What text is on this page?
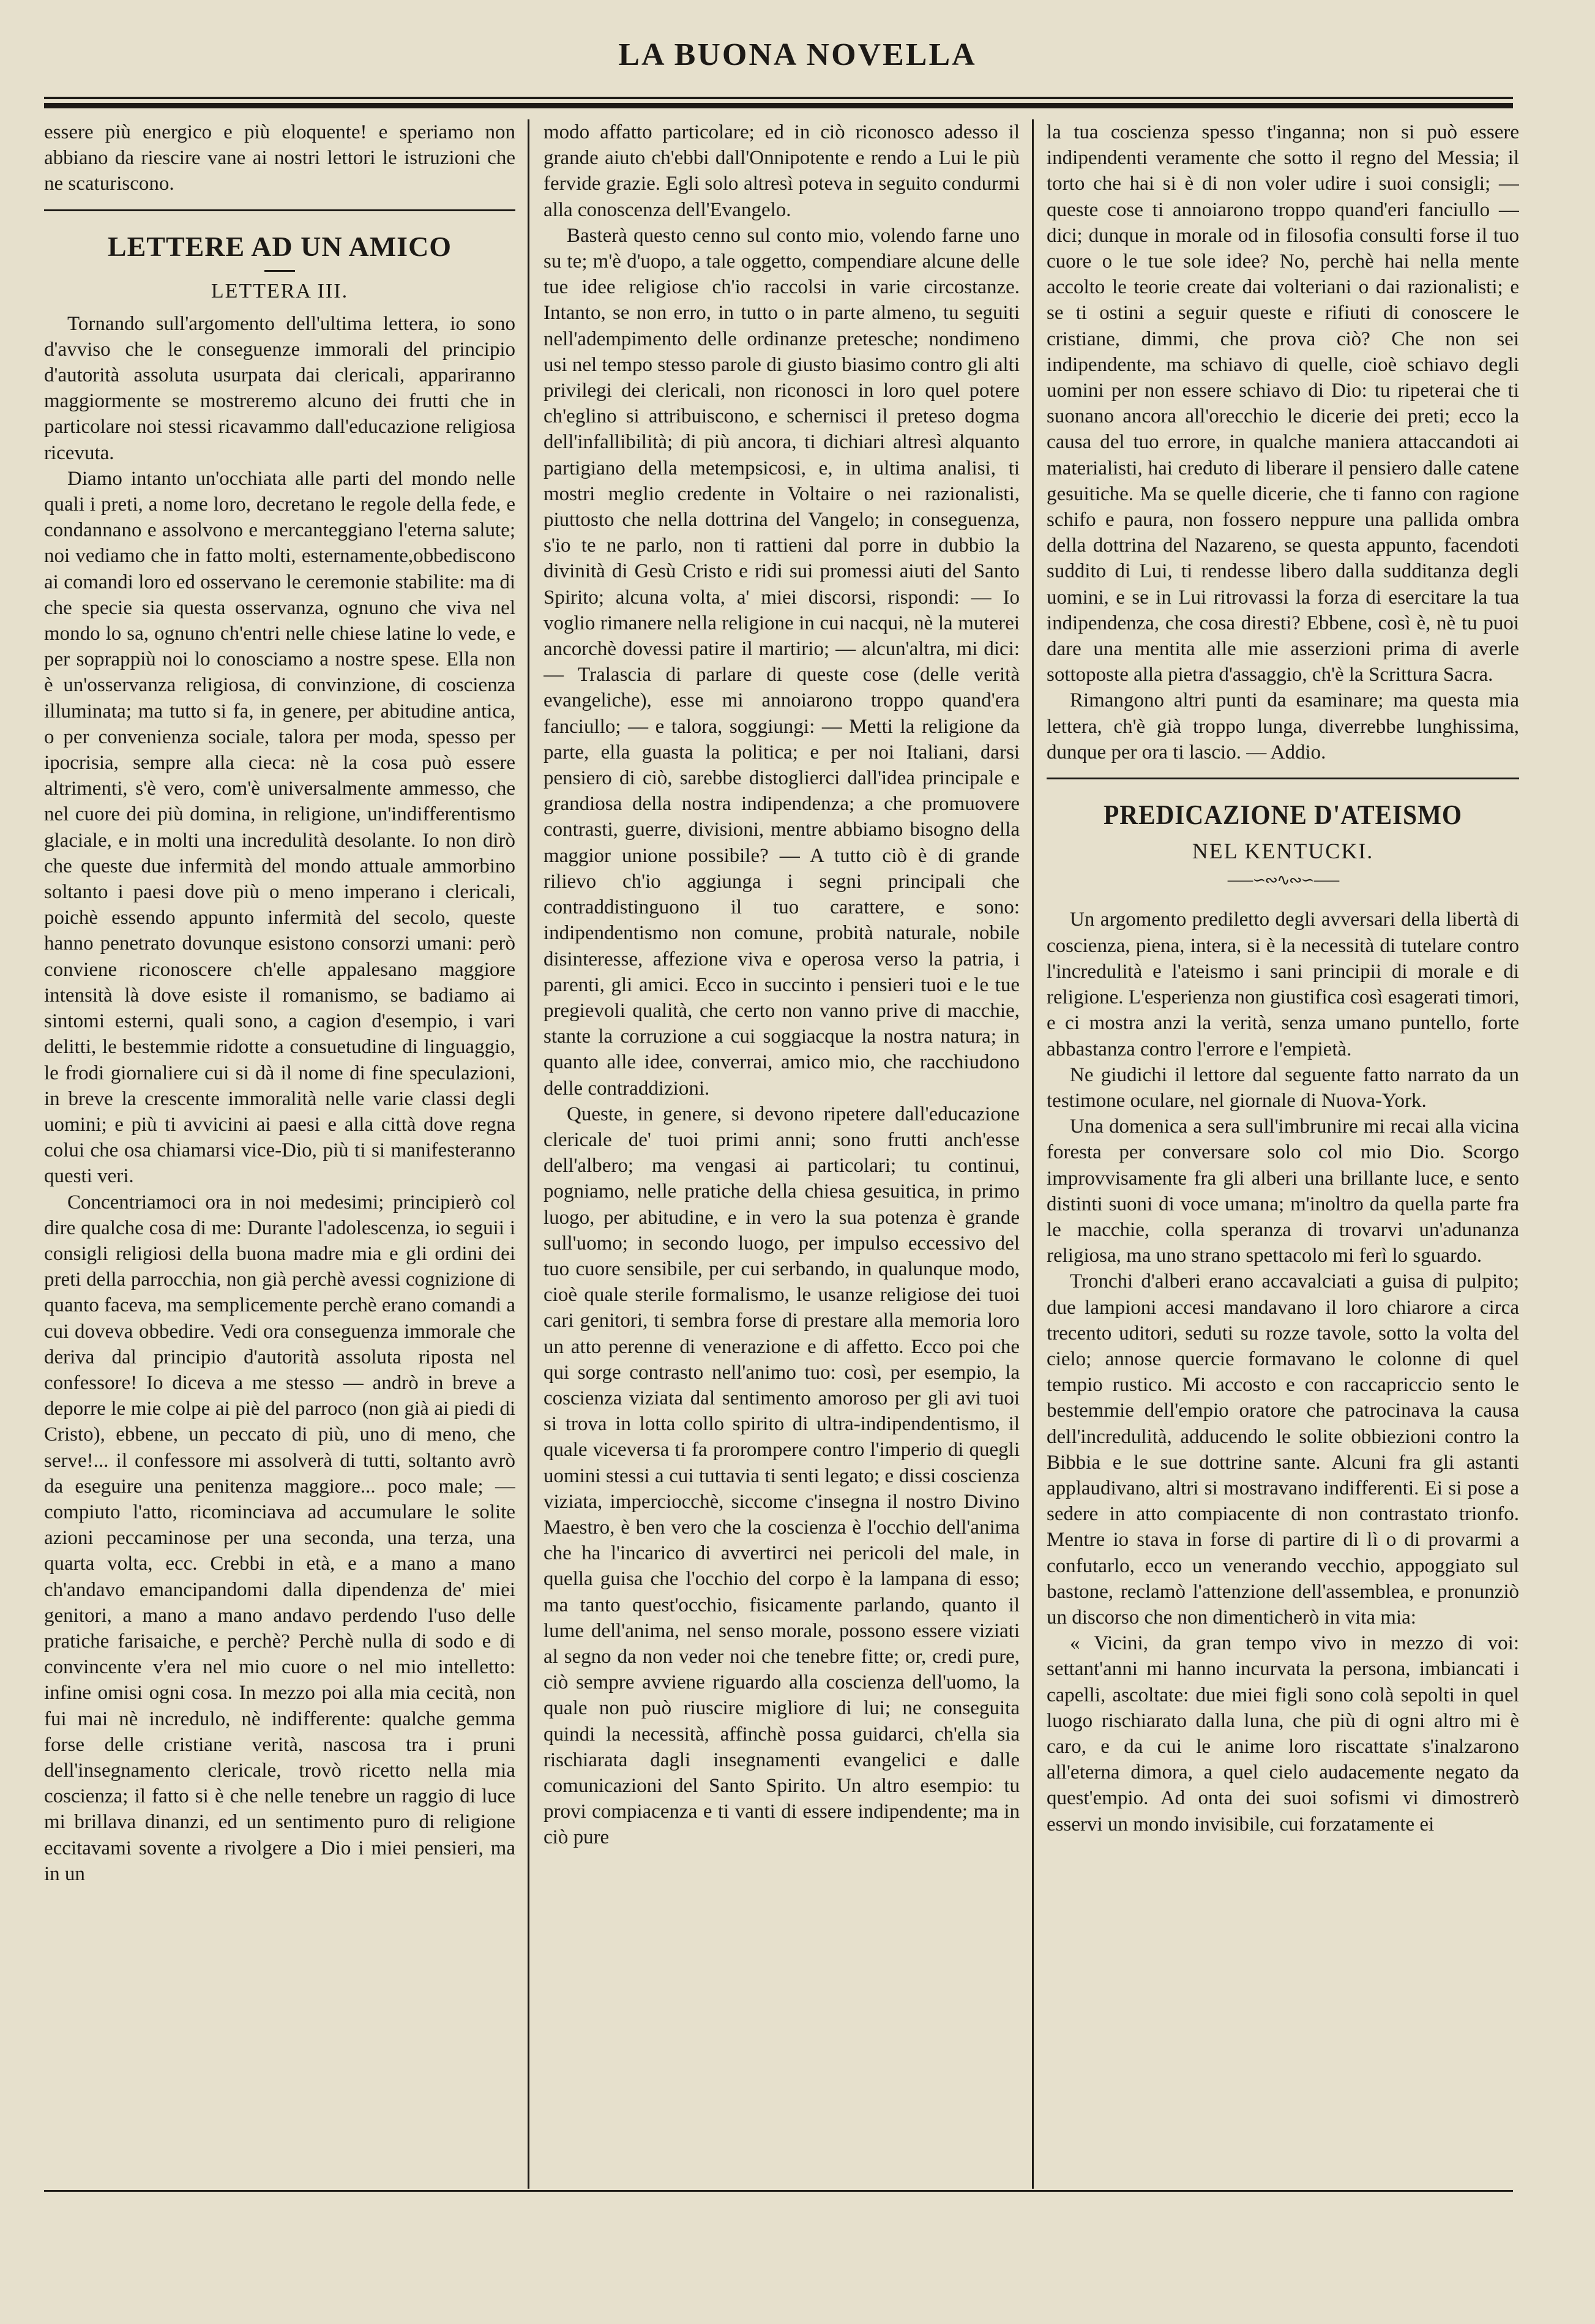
LA BUONA NOVELLA

essere più energico e più eloquente! e speriamo non abbiano da riescire vane ai nostri lettori le istruzioni che ne scaturiscono.

LETTERE AD UN AMICO
LETTERA III.

Tornando sull'argomento dell'ultima lettera, io sono d'avviso che le conseguenze immorali del principio d'autorità assoluta usurpata dai clericali, appariranno maggiormente se mostreremo alcuno dei frutti che in particolare noi stessi ricavammo dall'educazione religiosa ricevuta.

Diamo intanto un'occhiata alle parti del mondo nelle quali i preti, a nome loro, decretano le regole della fede, e condannano e assolvono e mercanteggiano l'eterna salute; noi vediamo che in fatto molti, esternamente,obbediscono ai comandi loro ed osservano le ceremonie stabilite: ma di che specie sia questa osservanza, ognuno che viva nel mondo lo sa, ognuno ch'entri nelle chiese latine lo vede, e per soprappiù noi lo conosciamo a nostre spese. Ella non è un'osservanza religiosa, di convinzione, di coscienza illuminata; ma tutto si fa, in genere, per abitudine antica, o per convenienza sociale, talora per moda, spesso per ipocrisia, sempre alla cieca: nè la cosa può essere altrimenti, s'è vero, com'è universalmente ammesso, che nel cuore dei più domina, in religione, un'indifferentismo glaciale, e in molti una incredulità desolante. Io non dirò che queste due infermità del mondo attuale ammorbino soltanto i paesi dove più o meno imperano i clericali, poichè essendo appunto infermità del secolo, queste hanno penetrato dovunque esistono consorzi umani: però conviene riconoscere ch'elle appalesano maggiore intensità là dove esiste il romanismo, se badiamo ai sintomi esterni, quali sono, a cagion d'esempio, i vari delitti, le bestemmie ridotte a consuetudine di linguaggio, le frodi giornaliere cui si dà il nome di fine speculazioni, in breve la crescente immoralità nelle varie classi degli uomini; e più ti avvicini ai paesi e alla città dove regna colui che osa chiamarsi vice-Dio, più ti si manifesteranno questi veri.

Concentriamoci ora in noi medesimi; principierò col dire qualche cosa di me: Durante l'adolescenza, io seguii i consigli religiosi della buona madre mia e gli ordini dei preti della parrocchia, non già perchè avessi cognizione di quanto faceva, ma semplicemente perchè erano comandi a cui doveva obbedire. Vedi ora conseguenza immorale che deriva dal principio d'autorità assoluta riposta nel confessore! Io diceva a me stesso — andrò in breve a deporre le mie colpe ai piè del parroco (non già ai piedi di Cristo), ebbene, un peccato di più, uno di meno, che serve!... il confessore mi assolverà di tutti, soltanto avrò da eseguire una penitenza maggiore... poco male; — compiuto l'atto, ricominciava ad accumulare le solite azioni peccaminose per una seconda, una terza, una quarta volta, ecc. Crebbi in età, e a mano a mano ch'andavo emancipandomi dalla dipendenza de' miei genitori, a mano a mano andavo perdendo l'uso delle pratiche farisaiche, e perchè? Perchè nulla di sodo e di convincente v'era nel mio cuore o nel mio intelletto: infine omisi ogni cosa. In mezzo poi alla mia cecità, non fui mai nè incredulo, nè indifferente: qualche gemma forse delle cristiane verità, nascosa tra i pruni dell'insegnamento clericale, trovò ricetto nella mia coscienza; il fatto si è che nelle tenebre un raggio di luce mi brillava dinanzi, ed un sentimento puro di religione eccitavami sovente a rivolgere a Dio i miei pensieri, ma in un

modo affatto particolare; ed in ciò riconosco adesso il grande aiuto ch'ebbi dall'Onnipotente e rendo a Lui le più fervide grazie. Egli solo altresì poteva in seguito condurmi alla conoscenza dell'Evangelo.

Basterà questo cenno sul conto mio, volendo farne uno su te; m'è d'uopo, a tale oggetto, compendiare alcune delle tue idee religiose ch'io raccolsi in varie circostanze. Intanto, se non erro, in tutto o in parte almeno, tu seguiti nell'adempimento delle ordinanze pretesche; nondimeno usi nel tempo stesso parole di giusto biasimo contro gli alti privilegi dei clericali, non riconosci in loro quel potere ch'eglino si attribuiscono, e schernisci il preteso dogma dell'infallibilità; di più ancora, ti dichiari altresì alquanto partigiano della metempsicosi, e, in ultima analisi, ti mostri meglio credente in Voltaire o nei razionalisti, piuttosto che nella dottrina del Vangelo; in conseguenza, s'io te ne parlo, non ti rattieni dal porre in dubbio la divinità di Gesù Cristo e ridi sui promessi aiuti del Santo Spirito; alcuna volta, a' miei discorsi, rispondi: — Io voglio rimanere nella religione in cui nacqui, nè la muterei ancorchè dovessi patire il martirio; — alcun'altra, mi dici: — Tralascia di parlare di queste cose (delle verità evangeliche), esse mi annoiarono troppo quand'era fanciullo; — e talora, soggiungi: — Metti la religione da parte, ella guasta la politica; e per noi Italiani, darsi pensiero di ciò, sarebbe distoglierci dall'idea principale e grandiosa della nostra indipendenza; a che promuovere contrasti, guerre, divisioni, mentre abbiamo bisogno della maggior unione possibile? — A tutto ciò è di grande rilievo ch'io aggiunga i segni principali che contraddistinguono il tuo carattere, e sono: indipendentismo non comune, probità naturale, nobile disinteresse, affezione viva e operosa verso la patria, i parenti, gli amici. Ecco in succinto i pensieri tuoi e le tue pregievoli qualità, che certo non vanno prive di macchie, stante la corruzione a cui soggiacque la nostra natura; in quanto alle idee, converrai, amico mio, che racchiudono delle contraddizioni.

Queste, in genere, si devono ripetere dall'educazione clericale de' tuoi primi anni; sono frutti anch'esse dell'albero; ma vengasi ai particolari; tu continui, pogniamo, nelle pratiche della chiesa gesuitica, in primo luogo, per abitudine, e in vero la sua potenza è grande sull'uomo; in secondo luogo, per impulso eccessivo del tuo cuore sensibile, per cui serbando, in qualunque modo, cioè quale sterile formalismo, le usanze religiose dei tuoi cari genitori, ti sembra forse di prestare alla memoria loro un atto perenne di venerazione e di affetto. Ecco poi che qui sorge contrasto nell'animo tuo: così, per esempio, la coscienza viziata dal sentimento amoroso per gli avi tuoi si trova in lotta collo spirito di ultra-indipendentismo, il quale viceversa ti fa prorompere contro l'imperio di quegli uomini stessi a cui tuttavia ti senti legato; e dissi coscienza viziata, imperciocchè, siccome c'insegna il nostro Divino Maestro, è ben vero che la coscienza è l'occhio dell'anima che ha l'incarico di avvertirci nei pericoli del male, in quella guisa che l'occhio del corpo è la lampana di esso; ma tanto quest'occhio, fisicamente parlando, quanto il lume dell'anima, nel senso morale, possono essere viziati al segno da non veder noi che tenebre fitte; or, credi pure, ciò sempre avviene riguardo alla coscienza dell'uomo, la quale non può riuscire migliore di lui; ne conseguita quindi la necessità, affinchè possa guidarci, ch'ella sia rischiarata dagli insegnamenti evangelici e dalle comunicazioni del Santo Spirito. Un altro esempio: tu provi compiacenza e ti vanti di essere indipendente; ma in ciò pure

la tua coscienza spesso t'inganna; non si può essere indipendenti veramente che sotto il regno del Messia; il torto che hai si è di non voler udire i suoi consigli; — queste cose ti annoiarono troppo quand'eri fanciullo — dici; dunque in morale od in filosofia consulti forse il tuo cuore o le tue sole idee? No, perchè hai nella mente accolto le teorie create dai volteriani o dai razionalisti; e se ti ostini a seguir queste e rifiuti di conoscere le cristiane, dimmi, che prova ciò? Che non sei indipendente, ma schiavo di quelle, cioè schiavo degli uomini per non essere schiavo di Dio: tu ripeterai che ti suonano ancora all'orecchio le dicerie dei preti; ecco la causa del tuo errore, in qualche maniera attaccandoti ai materialisti, hai creduto di liberare il pensiero dalle catene gesuitiche. Ma se quelle dicerie, che ti fanno con ragione schifo e paura, non fossero neppure una pallida ombra della dottrina del Nazareno, se questa appunto, facendoti suddito di Lui, ti rendesse libero dalla sudditanza degli uomini, e se in Lui ritrovassi la forza di esercitare la tua indipendenza, che cosa diresti? Ebbene, così è, nè tu puoi dare una mentita alle mie asserzioni prima di averle sottoposte alla pietra d'assaggio, ch'è la Scrittura Sacra.

Rimangono altri punti da esaminare; ma questa mia lettera, ch'è già troppo lunga, diverrebbe lunghissima, dunque per ora ti lascio. — Addio.

PREDICAZIONE D'ATEISMO
NEL KENTUCKI.
⸺∽∾∿∾∽⸺

Un argomento prediletto degli avversari della libertà di coscienza, piena, intera, si è la necessità di tutelare contro l'incredulità e l'ateismo i sani principii di morale e di religione. L'esperienza non giustifica così esagerati timori, e ci mostra anzi la verità, senza umano puntello, forte abbastanza contro l'errore e l'empietà.

Ne giudichi il lettore dal seguente fatto narrato da un testimone oculare, nel giornale di Nuova-York.

Una domenica a sera sull'imbrunire mi recai alla vicina foresta per conversare solo col mio Dio. Scorgo improvvisamente fra gli alberi una brillante luce, e sento distinti suoni di voce umana; m'inoltro da quella parte fra le macchie, colla speranza di trovarvi un'adunanza religiosa, ma uno strano spettacolo mi ferì lo sguardo.

Tronchi d'alberi erano accavalciati a guisa di pulpito; due lampioni accesi mandavano il loro chiarore a circa trecento uditori, seduti su rozze tavole, sotto la volta del cielo; annose quercie formavano le colonne di quel tempio rustico. Mi accosto e con raccapriccio sento le bestemmie dell'empio oratore che patrocinava la causa dell'incredulità, adducendo le solite obbiezioni contro la Bibbia e le sue dottrine sante. Alcuni fra gli astanti applaudivano, altri si mostravano indifferenti. Ei si pose a sedere in atto compiacente di non contrastato trionfo. Mentre io stava in forse di partire di lì o di provarmi a confutarlo, ecco un venerando vecchio, appoggiato sul bastone, reclamò l'attenzione dell'assemblea, e pronunziò un discorso che non dimenticherò in vita mia:

« Vicini, da gran tempo vivo in mezzo di voi: settant'anni mi hanno incurvata la persona, imbiancati i capelli, ascoltate: due miei figli sono colà sepolti in quel luogo rischiarato dalla luna, che più di ogni altro mi è caro, e da cui le anime loro riscattate s'inalzarono all'eterna dimora, a quel cielo audacemente negato da quest'empio. Ad onta dei suoi sofismi vi dimostrerò esservi un mondo invisibile, cui forzatamente ei
